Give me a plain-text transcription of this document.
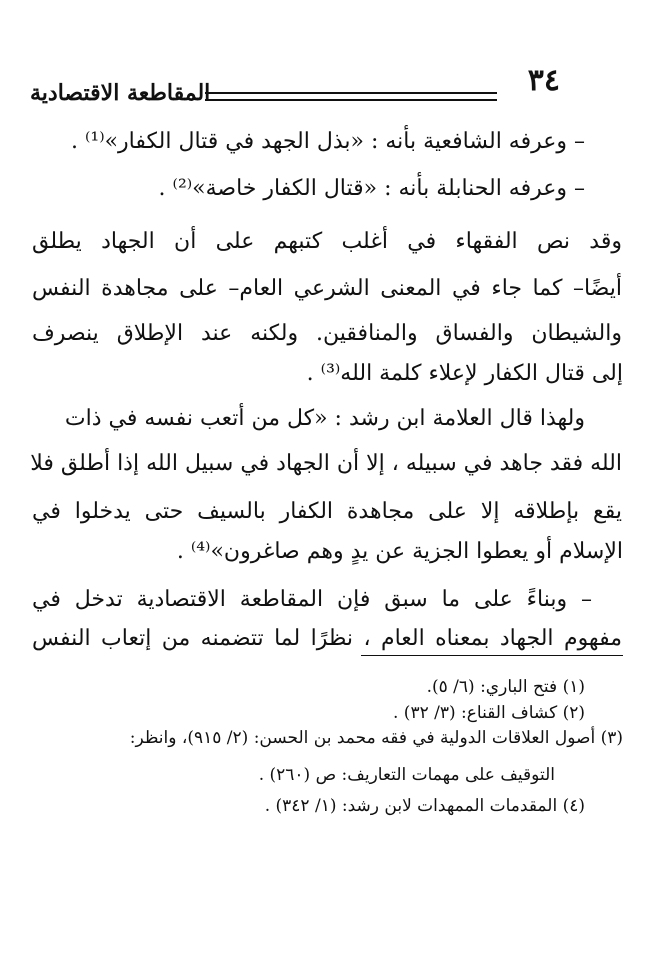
٣٤
المقاطعة الاقتصادية
– وعرفه الشافعية بأنه : «بذل الجهد في قتال الكفار»⁽¹⁾ .
– وعرفه الحنابلة بأنه : «قتال الكفار خاصة»⁽²⁾ .
وقد نص الفقهاء في أغلب كتبهم على أن الجهاد يطلق
أيضًا– كما جاء في المعنى الشرعي العام– على مجاهدة النفس
والشيطان والفساق والمنافقين. ولكنه عند الإطلاق ينصرف
إلى قتال الكفار لإعلاء كلمة الله⁽³⁾ .
ولهذا قال العلامة ابن رشد : «كل من أتعب نفسه في ذات
الله فقد جاهد في سبيله ، إلا أن الجهاد في سبيل الله إذا أطلق فلا
يقع بإطلاقه إلا على مجاهدة الكفار بالسيف حتى يدخلوا في
الإسلام أو يعطوا الجزية عن يدٍ وهم صاغرون»⁽⁴⁾ .
– وبناءً على ما سبق فإن المقاطعة الاقتصادية تدخل في
مفهوم الجهاد بمعناه العام ، نظرًا لما تتضمنه من إتعاب النفس
(١) فتح الباري: (٦/ ٥).
(٢) كشاف القناع: (٣/ ٣٢) .
(٣) أصول العلاقات الدولية في فقه محمد بن الحسن: (٢/ ٩١٥)، وانظر:
التوقيف على مهمات التعاريف: ص (٢٦٠) .
(٤) المقدمات الممهدات لابن رشد: (١/ ٣٤٢) .
